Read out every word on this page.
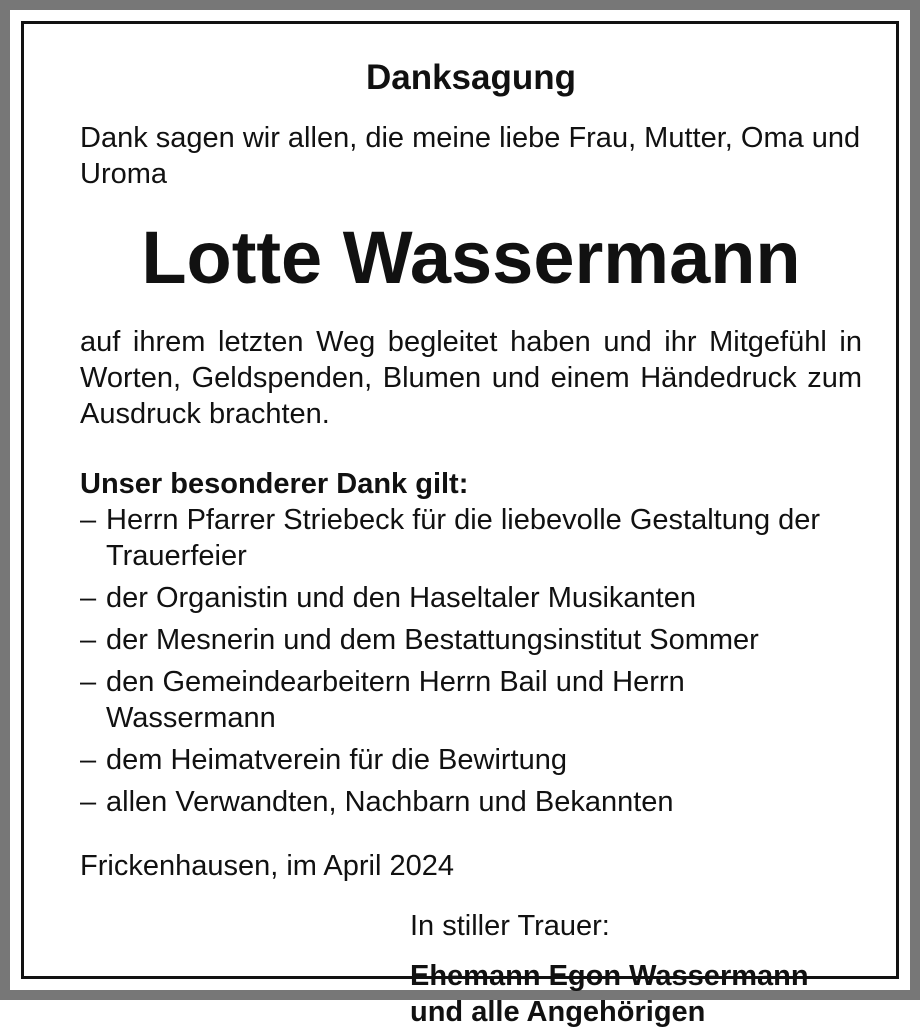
Danksagung

Dank sagen wir allen, die meine liebe Frau, Mutter, Oma und Uroma

Lotte Wassermann

auf ihrem letzten Weg begleitet haben und ihr Mitgefühl in Worten, Geldspenden, Blumen und einem Händedruck zum Ausdruck brachten.

Unser besonderer Dank gilt:
– Herrn Pfarrer Striebeck für die liebevolle Gestaltung der Trauerfeier
– der Organistin und den Haseltaler Musikanten
– der Mesnerin und dem Bestattungsinstitut Sommer
– den Gemeindearbeitern Herrn Bail und Herrn Wassermann
– dem Heimatverein für die Bewirtung
– allen Verwandten, Nachbarn und Bekannten
Frickenhausen, im April 2024
In stiller Trauer:
Ehemann Egon Wassermann
und alle Angehörigen
